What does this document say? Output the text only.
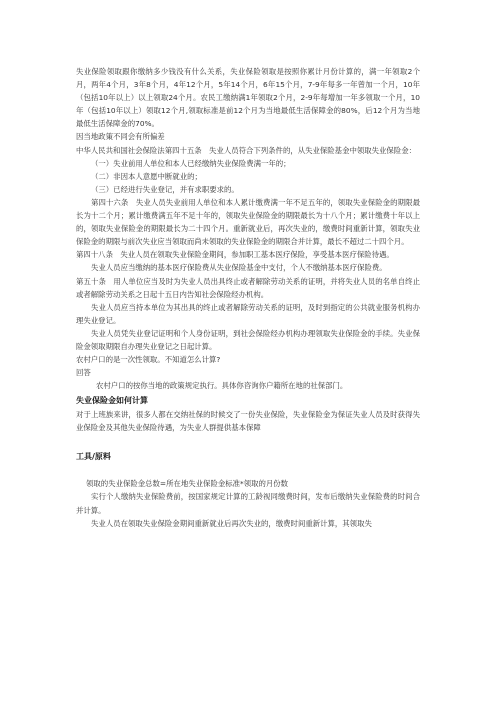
失业保险领取跟你缴纳多少钱没有什么关系，失业保险领取是按照你累计月份计算的，满一年领取2个月，两年4个月，3年8个月，4年12个月，5年14个月，6年15个月，7-9年每多一年曾加一个月，10年（包括10年以上）以上领取24个月。农民工缴纳满1年领取2个月，2-9年每增加一年多领取一个月，10年（包括10年以上）领取12个月,领取标准是前12个月为当地最低生活保障金的80%，后12个月为当地最低生活保障金的70%。

因当地政策不同会有所偏差

中华人民共和国社会保险法第四十五条　失业人员符合下列条件的，从失业保险基金中领取失业保险金：

（一）失业前用人单位和本人已经缴纳失业保险费满一年的；

（二）非因本人意愿中断就业的；

（三）已经进行失业登记，并有求职要求的。

第四十六条　失业人员失业前用人单位和本人累计缴费满一年不足五年的，领取失业保险金的期限最长为十二个月；累计缴费满五年不足十年的，领取失业保险金的期限最长为十八个月；累计缴费十年以上的，领取失业保险金的期限最长为二十四个月。重新就业后，再次失业的，缴费时间重新计算，领取失业保险金的期限与前次失业应当领取而尚未领取的失业保险金的期限合并计算，最长不超过二十四个月。

第四十八条　失业人员在领取失业保险金期间，参加职工基本医疗保险，享受基本医疗保险待遇。

失业人员应当缴纳的基本医疗保险费从失业保险基金中支付，个人不缴纳基本医疗保险费。

第五十条　用人单位应当及时为失业人员出具终止或者解除劳动关系的证明，并将失业人员的名单自终止或者解除劳动关系之日起十五日内告知社会保险经办机构。

失业人员应当持本单位为其出具的终止或者解除劳动关系的证明，及时到指定的公共就业服务机构办理失业登记。

失业人员凭失业登记证明和个人身份证明，到社会保险经办机构办理领取失业保险金的手续。失业保险金领取期限自办理失业登记之日起计算。

农村户口的是一次性领取。不知道怎么计算?

回答

农村户口的按你当地的政策规定执行。具体你咨询你户籍所在地的社保部门。

失业保险金如何计算

对于上班族来讲，很多人都在交纳社保的时候交了一份失业保险，失业保险金为保证失业人员及时获得失业保险金及其他失业保险待遇，为失业人群提供基本保障

工具/原料

领取的失业保险金总数=所在地失业保险金标准*领取的月份数

实行个人缴纳失业保险费前，按国家规定计算的工龄视同缴费时间，发布后缴纳失业保险费的时间合并计算。

失业人员在领取失业保险金期间重新就业后再次失业的，缴费时间重新计算，其领取失
